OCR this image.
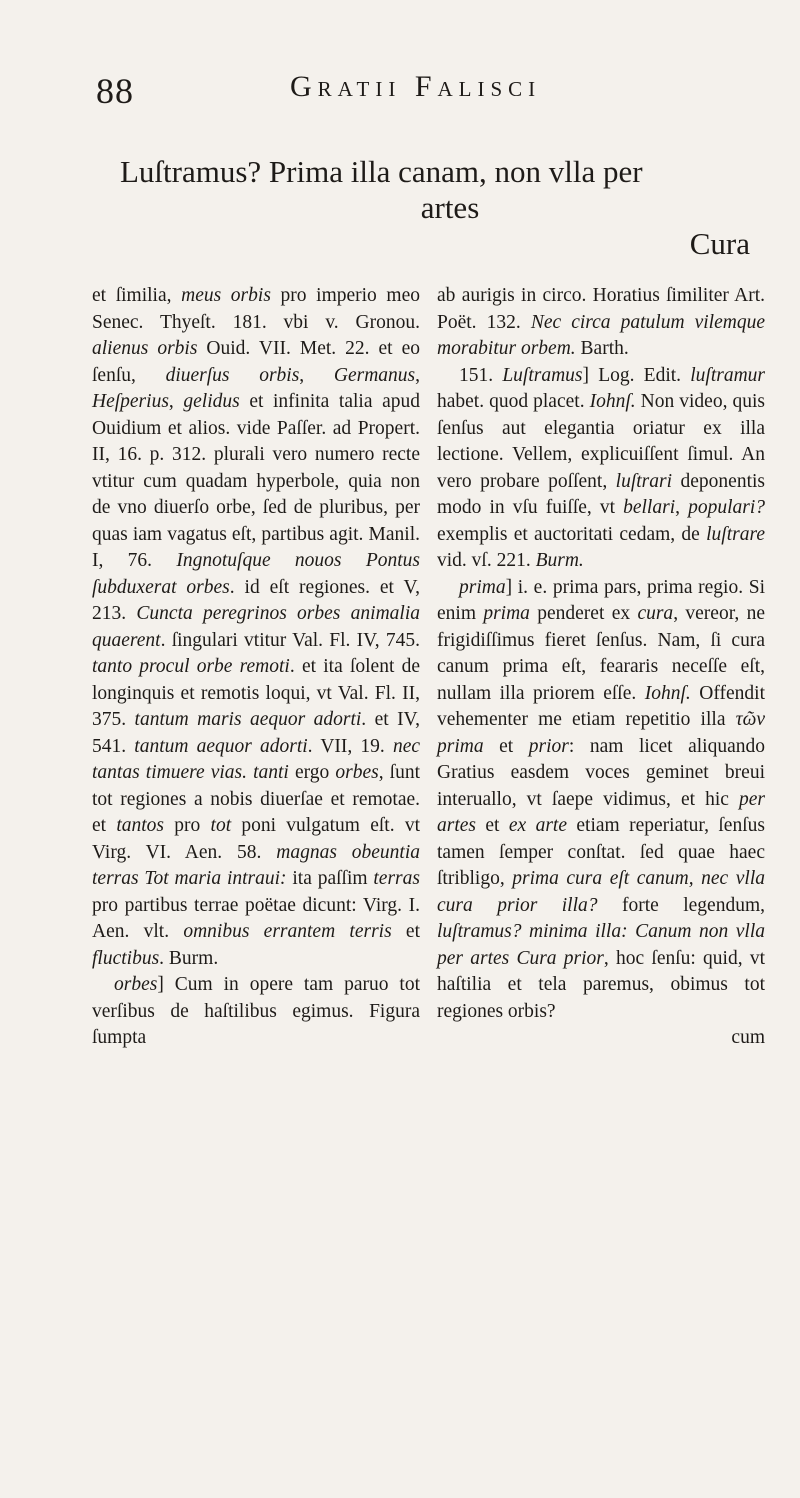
88	Gratii Falisci
Luſtramus? Prima illa canam, non vlla per
artes
Cura

et ſimilia, meus orbis pro imperio meo Senec. Thyeſt. 181. vbi v. Gronou. alienus orbis Ouid. VII. Met. 22. et eo ſenſu, diuerſus orbis, Germanus, Heſperius, gelidus et infinita talia apud Ouidium et alios. vide Paſſer. ad Propert. II, 16. p. 312. plurali vero numero recte vtitur cum quadam hyperbole, quia non de vno diuerſo orbe, ſed de pluribus, per quas iam vagatus eſt, partibus agit. Manil. I, 76. Ingnotuſque nouos Pontus ſubduxerat orbes. id eſt regiones. et V, 213. Cuncta peregrinos orbes animalia quaerent. ſingulari vtitur Val. Fl. IV, 745. tanto procul orbe remoti. et ita ſolent de longinquis et remotis loqui, vt Val. Fl. II, 375. tantum maris aequor adorti. et IV, 541. tantum aequor adorti. VII, 19. nec tantas timuere vias. tanti ergo orbes, ſunt tot regiones a nobis diuerſae et remotae. et tantos pro tot poni vulgatum eſt. vt Virg. VI. Aen. 58. magnas obeuntia terras Tot maria intraui: ita paſſim terras pro partibus terrae poëtae dicunt: Virg. I. Aen. vlt. omnibus errantem terris et fluctibus. Burm.

orbes] Cum in opere tam paruo tot verſibus de haſtilibus egimus. Figura ſumpta

ab aurigis in circo. Horatius ſimiliter Art. Poët. 132. Nec circa patulum vilemque morabitur orbem. Barth.

151. Luſtramus] Log. Edit. luſtramur habet. quod placet. Iohnſ. Non video, quis ſenſus aut elegantia oriatur ex illa lectione. Vellem, explicuiſſent ſimul. An vero probare poſſent, luſtrari deponentis modo in vſu fuiſſe, vt bellari, populari? exemplis et auctoritati cedam, de luſtrare vid. vſ. 221. Burm.

prima] i. e. prima pars, prima regio. Si enim prima penderet ex cura, vereor, ne frigidiſſimus fieret ſenſus. Nam, ſi cura canum prima eſt, feararis neceſſe eſt, nullam illa priorem eſſe. Iohnſ. Offendit vehementer me etiam repetitio illa τῶν prima et prior: nam licet aliquando Gratius easdem voces geminet breui interuallo, vt ſaepe vidimus, et hic per artes et ex arte etiam reperiatur, ſenſus tamen ſemper conſtat. ſed quae haec ſtribligo, prima cura eſt canum, nec vlla cura prior illa? forte legendum, luſtramus? minima illa: Canum non vlla per artes Cura prior, hoc ſenſu: quid, vt haſtilia et tela paremus, obimus tot regiones orbis?

cum
